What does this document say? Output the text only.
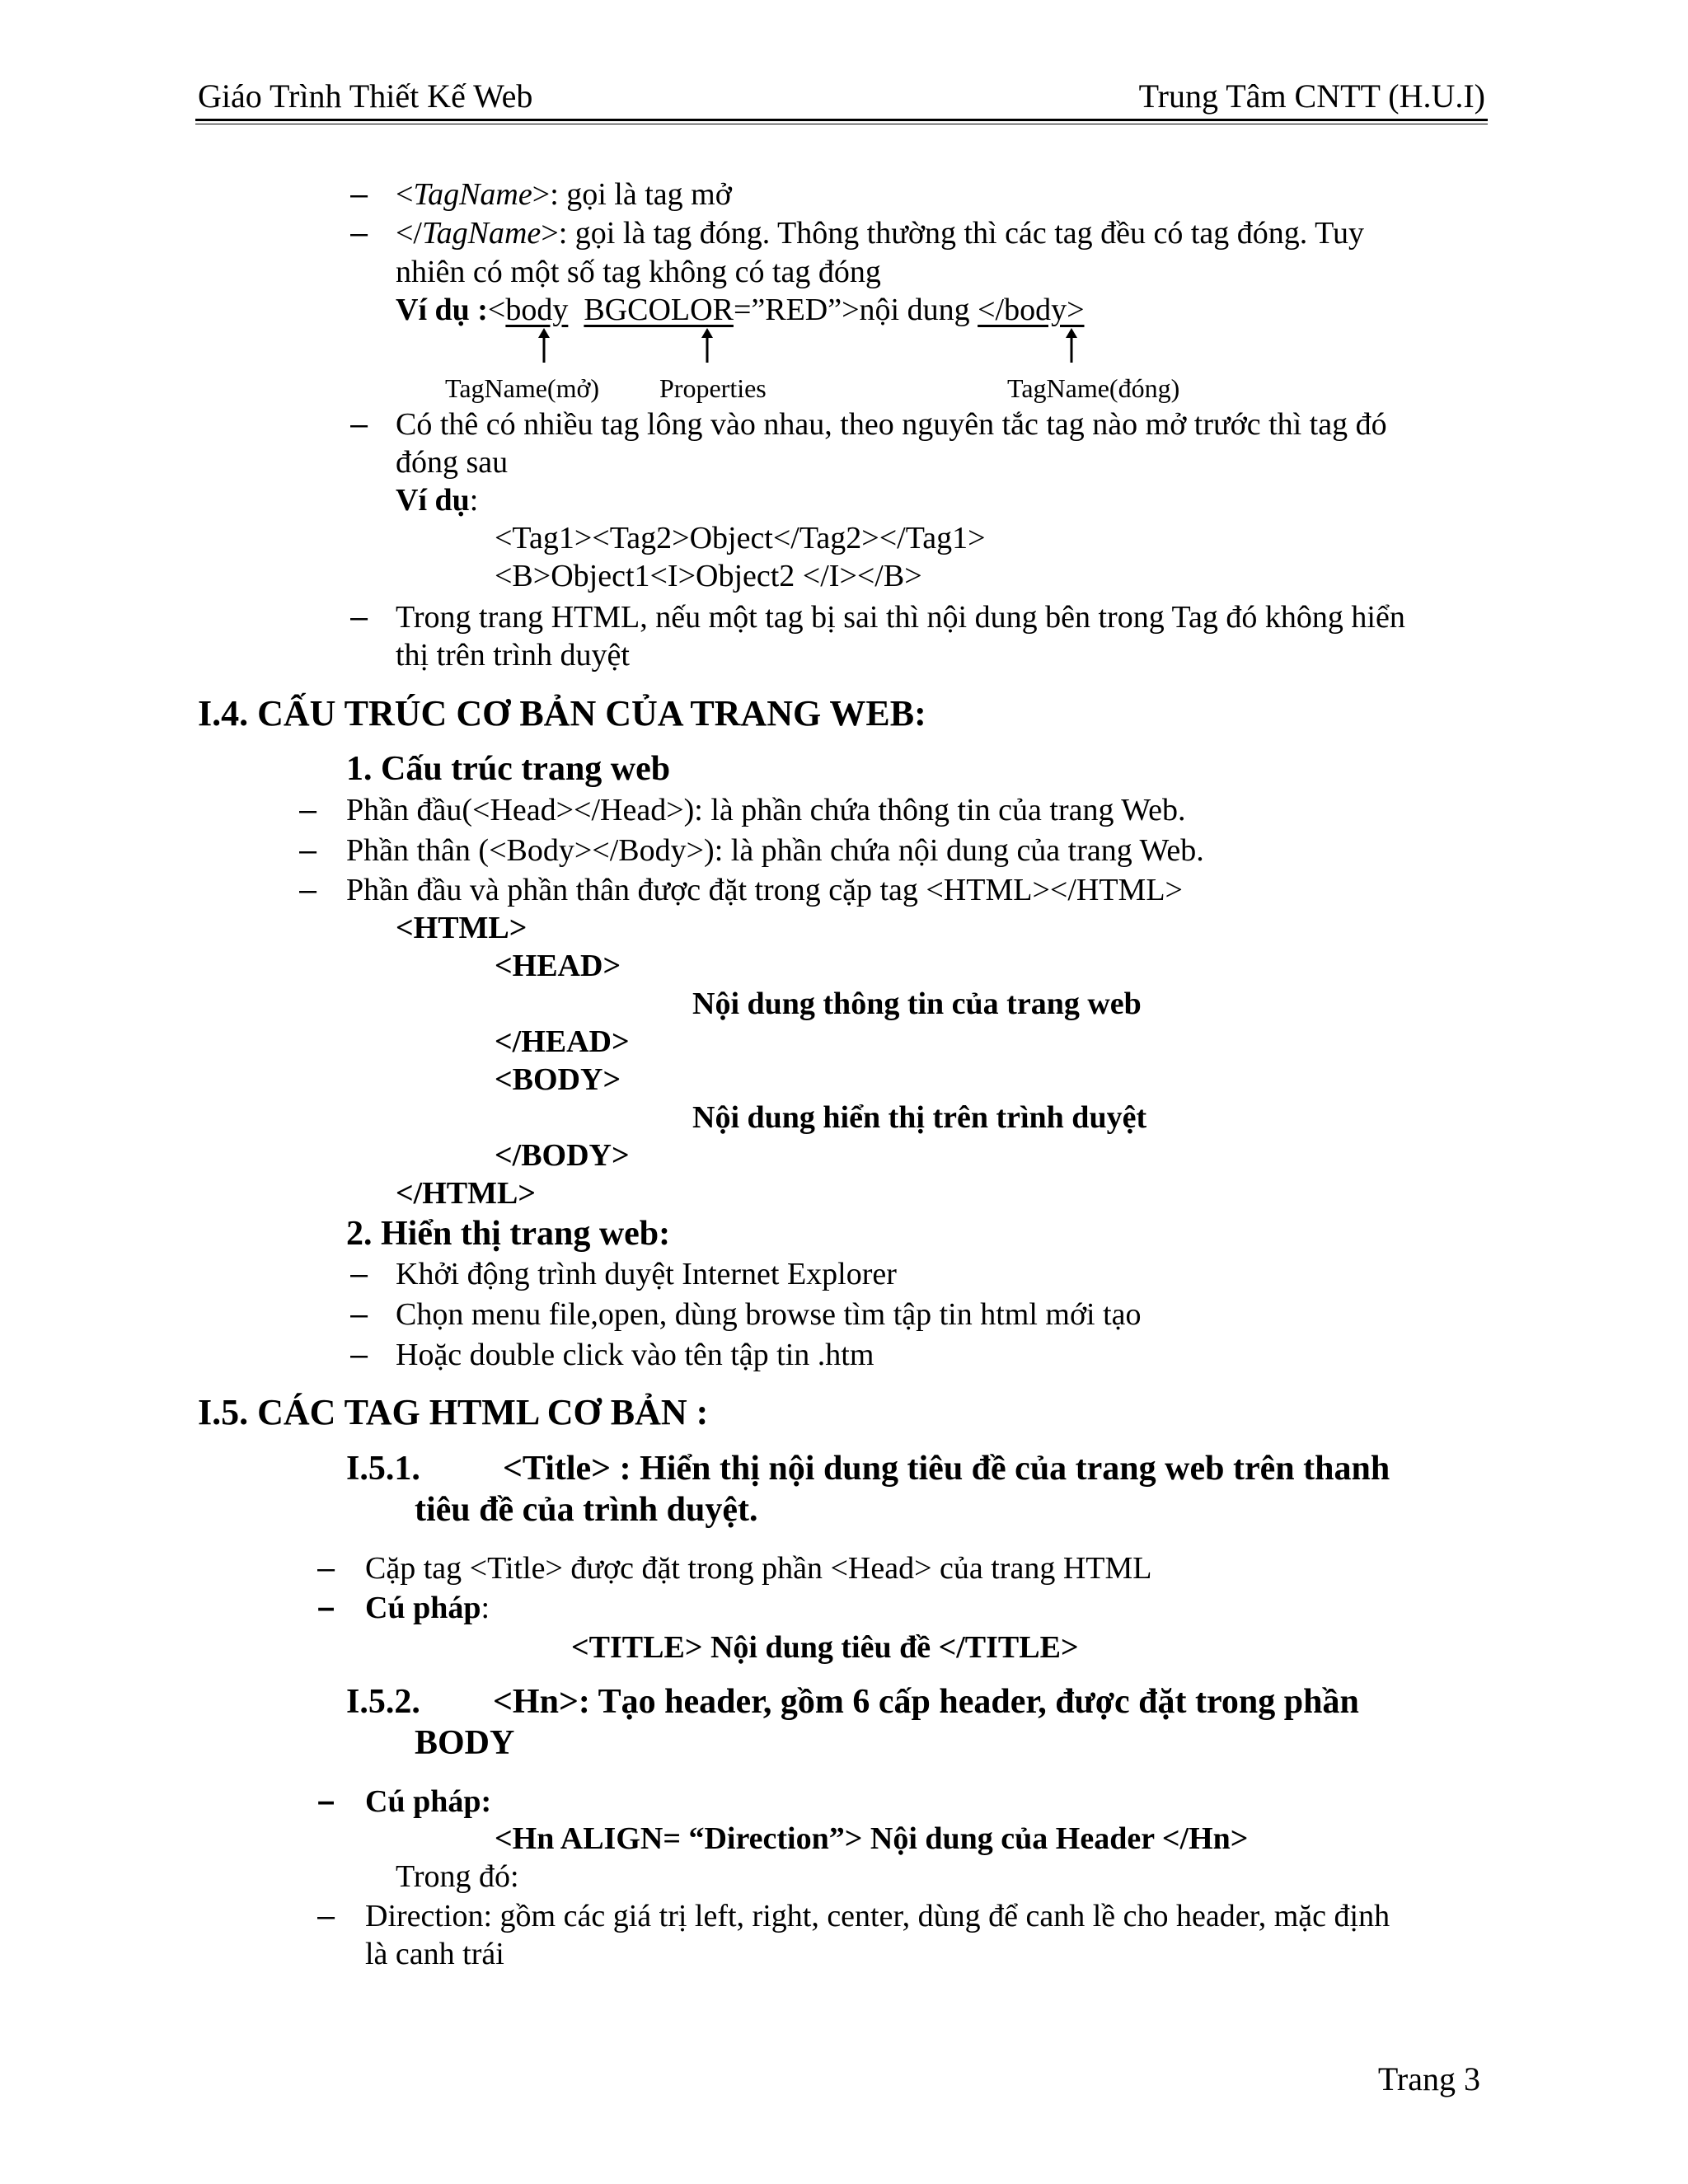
Giáo Trình Thiết Kế Web	Trung Tâm CNTT (H.U.I)
– <TagName>: gọi là tag mở
– </TagName>: gọi là tag đóng. Thông thường thì các tag đều có tag đóng. Tuy
nhiên có một số tag không có tag đóng
Ví dụ :<body BGCOLOR=”RED”>nội dung </body>
TagName(mở) Properties	TagName(đóng)
– Có thê có nhiều tag lông vào nhau, theo nguyên tắc tag nào mở trước thì tag đó
đóng sau
Ví dụ:
<Tag1><Tag2>Object</Tag2></Tag1>
<B>Object1<I>Object2 </I></B>
– Trong trang HTML, nếu một tag bị sai thì nội dung bên trong Tag đó không hiển
thị trên trình duyệt
I.4. CẤU TRÚC CƠ BẢN CỦA TRANG WEB:
1. Cấu trúc trang web
– Phần đầu(<Head></Head>): là phần chứa thông tin của trang Web.
– Phần thân (<Body></Body>): là phần chứa nội dung của trang Web.
– Phần đầu và phần thân được đặt trong cặp tag <HTML></HTML>
<HTML>
<HEAD>
Nội dung thông tin của trang web
</HEAD>
<BODY>
Nội dung hiển thị trên trình duyệt
</BODY>
</HTML>
2. Hiển thị trang web:
– Khởi động trình duyệt Internet Explorer
– Chọn menu file,open, dùng browse tìm tập tin html mới tạo
– Hoặc double click vào tên tập tin .htm
I.5. CÁC TAG HTML CƠ BẢN :
I.5.1. <Title> : Hiển thị nội dung tiêu đề của trang web trên thanh
tiêu đề của trình duyệt.
– Cặp tag <Title> được đặt trong phần <Head> của trang HTML
– Cú pháp:
<TITLE> Nội dung tiêu đề </TITLE>
I.5.2. <Hn>: Tạo header, gồm 6 cấp header, được đặt trong phần
BODY
– Cú pháp:
<Hn ALIGN= “Direction”> Nội dung của Header </Hn>
Trong đó:
– Direction: gồm các giá trị left, right, center, dùng để canh lề cho header, mặc định
là canh trái
Trang 3
